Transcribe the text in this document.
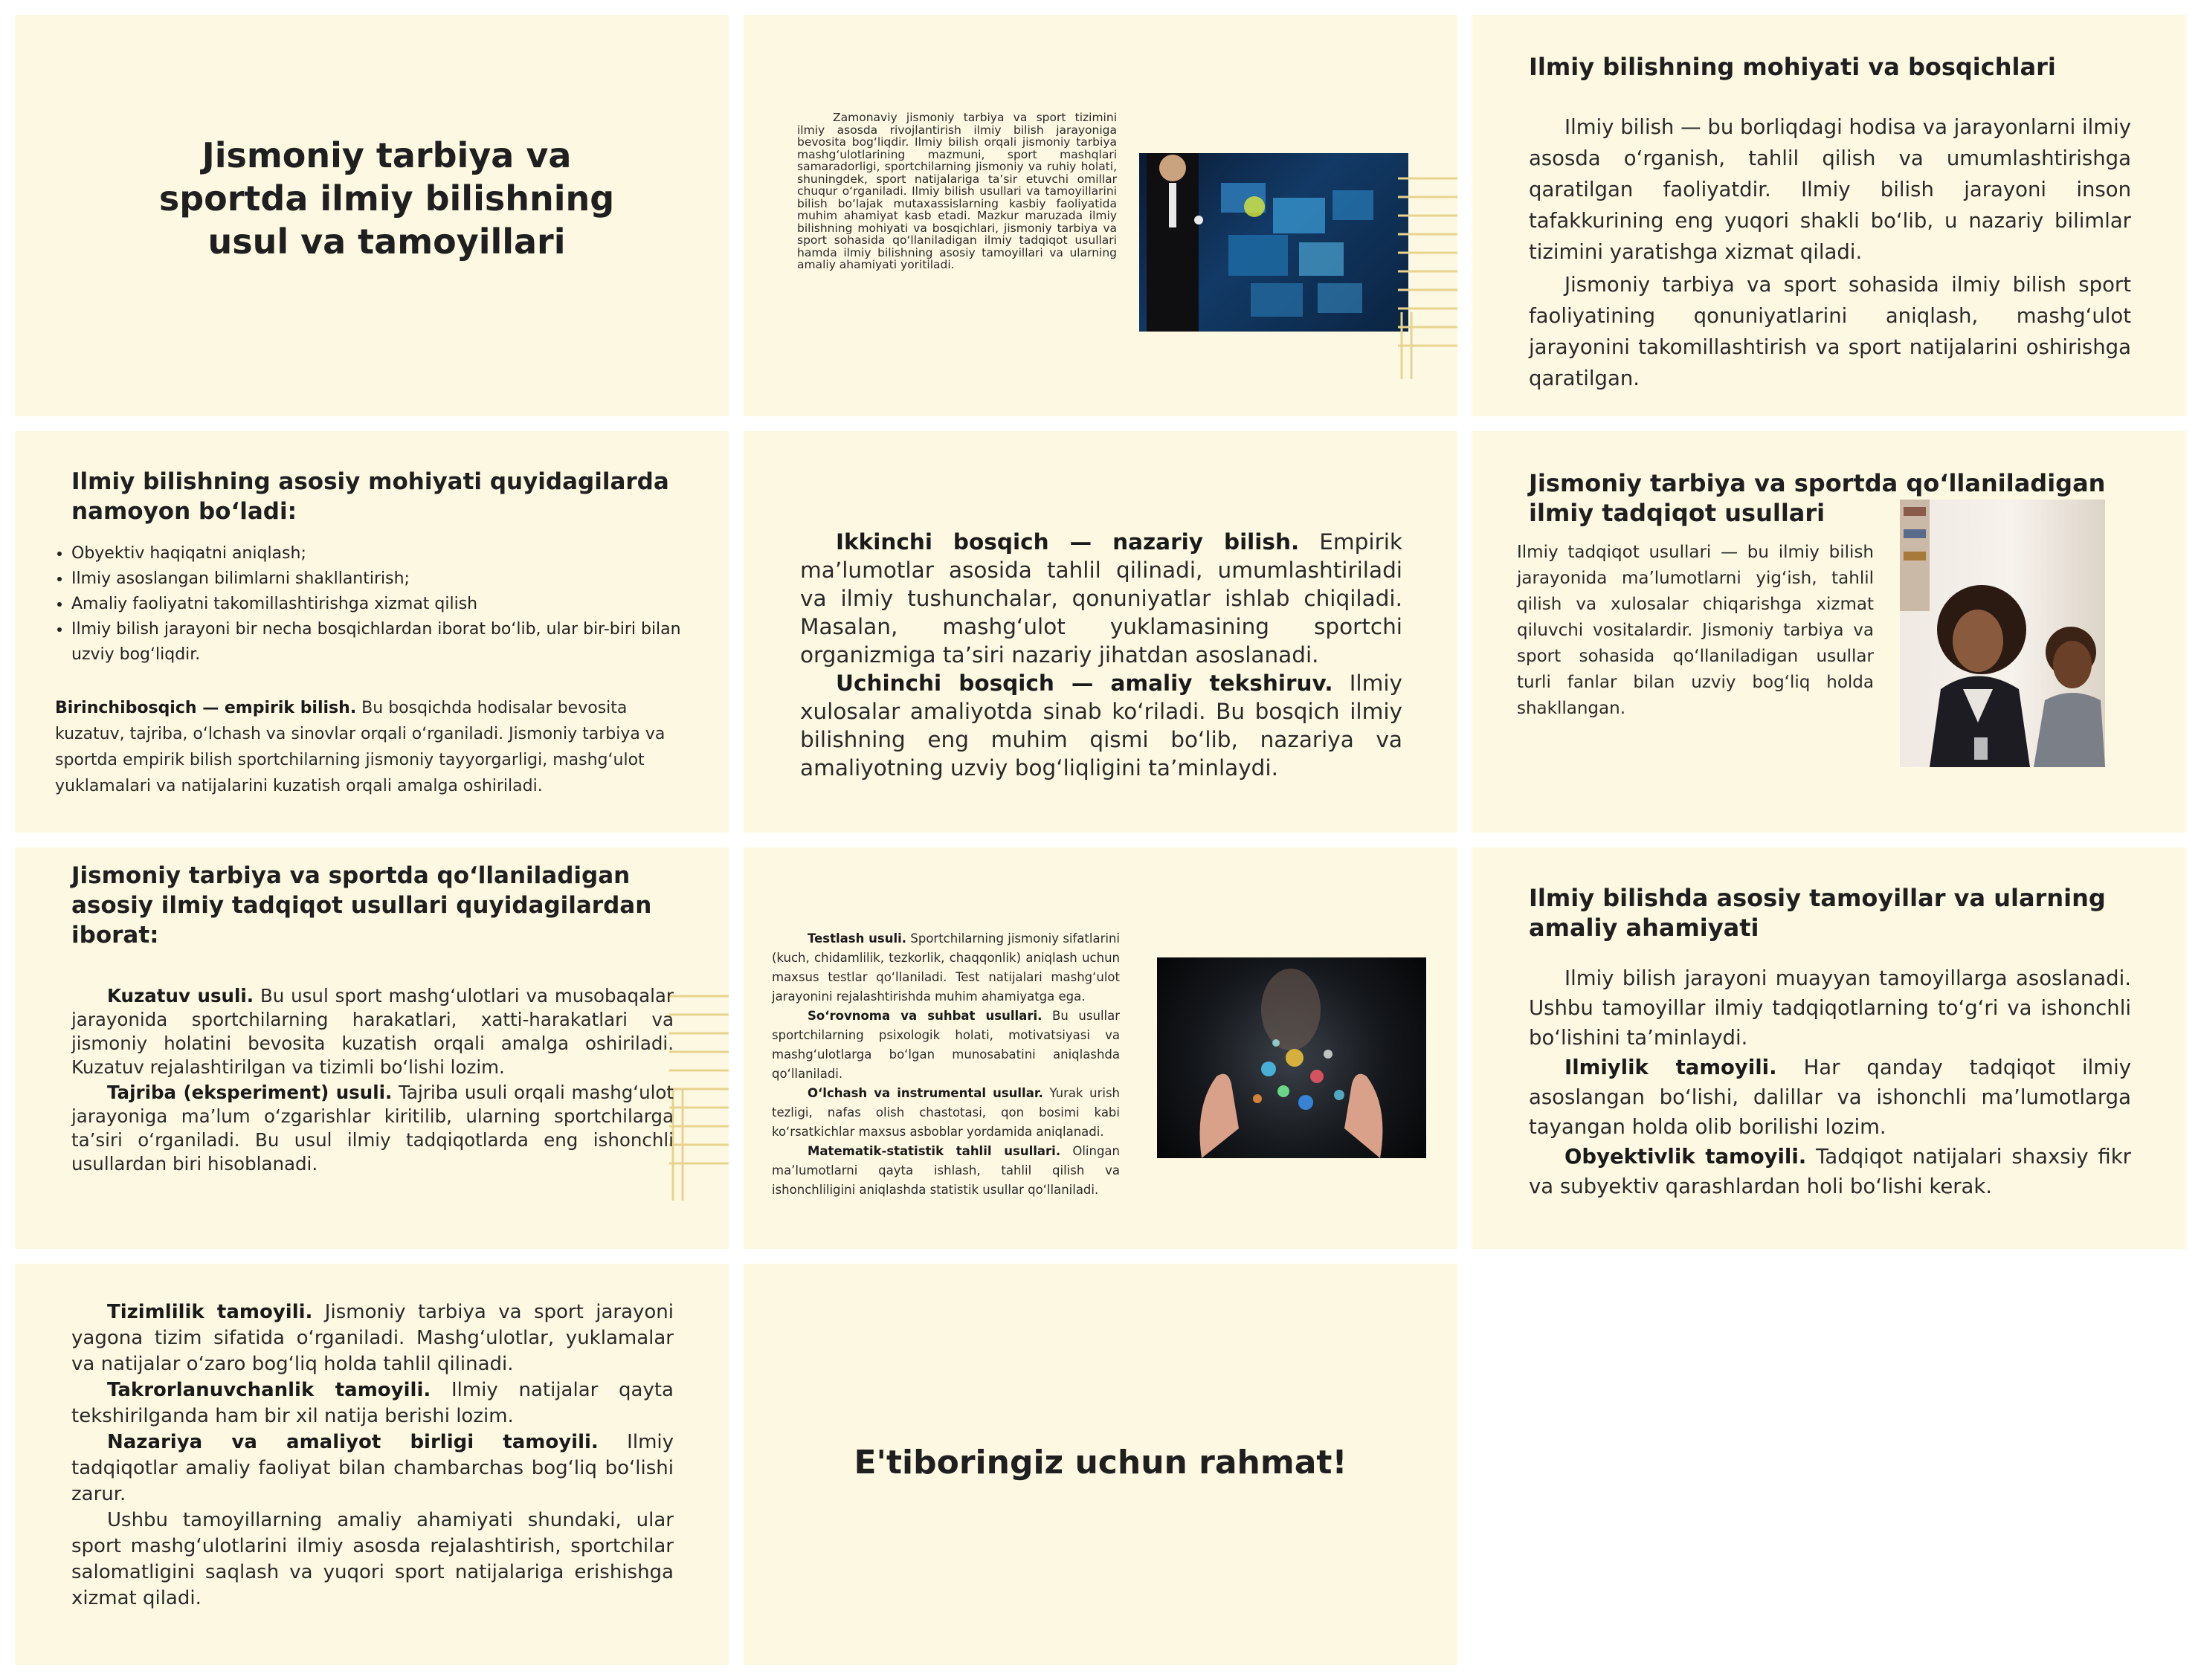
Jismoniy tarbiya va sportda ilmiy bilishning usul va tamoyillari

Zamonaviy jismoniy tarbiya va sport tizimini ilmiy asosda rivojlantirish ilmiy bilish jarayoniga bevosita bog‘liqdir. Ilmiy bilish orqali jismoniy tarbiya mashg‘ulotlarining mazmuni, sport mashqlari samaradorligi, sportchilarning jismoniy va ruhiy holati, shuningdek, sport natijalariga ta’sir etuvchi omillar chuqur o‘rganiladi. Ilmiy bilish usullari va tamoyillarini bilish bo‘lajak mutaxassislarning kasbiy faoliyatida muhim ahamiyat kasb etadi. Mazkur maruzada ilmiy bilishning mohiyati va bosqichlari, jismoniy tarbiya va sport sohasida qo‘llaniladigan ilmiy tadqiqot usullari hamda ilmiy bilishning asosiy tamoyillari va ularning amaliy ahamiyati yoritiladi.

Ilmiy bilishning mohiyati va bosqichlari

Ilmiy bilish — bu borliqdagi hodisa va jarayonlarni ilmiy asosda o‘rganish, tahlil qilish va umumlashtirishga qaratilgan faoliyatdir. Ilmiy bilish jarayoni inson tafakkurining eng yuqori shakli bo‘lib, u nazariy bilimlar tizimini yaratishga xizmat qiladi.

Jismoniy tarbiya va sport sohasida ilmiy bilish sport faoliyatining qonuniyatlarini aniqlash, mashg‘ulot jarayonini takomillashtirish va sport natijalarini oshirishga qaratilgan.

Ilmiy bilishning asosiy mohiyati quyidagilarda namoyon bo‘ladi:
• Obyektiv haqiqatni aniqlash;
• Ilmiy asoslangan bilimlarni shakllantirish;
• Amaliy faoliyatni takomillashtirishga xizmat qilish
• Ilmiy bilish jarayoni bir necha bosqichlardan iborat bo‘lib, ular bir-biri bilan uzviy bog‘liqdir.

Birinchibosqich — empirik bilish. Bu bosqichda hodisalar bevosita kuzatuv, tajriba, o‘lchash va sinovlar orqali o‘rganiladi. Jismoniy tarbiya va sportda empirik bilish sportchilarning jismoniy tayyorgarligi, mashg‘ulot yuklamalari va natijalarini kuzatish orqali amalga oshiriladi.

Ikkinchi bosqich — nazariy bilish. Empirik ma’lumotlar asosida tahlil qilinadi, umumlashtiriladi va ilmiy tushunchalar, qonuniyatlar ishlab chiqiladi. Masalan, mashg‘ulot yuklamasining sportchi organizmiga ta’siri nazariy jihatdan asoslanadi.

Uchinchi bosqich — amaliy tekshiruv. Ilmiy xulosalar amaliyotda sinab ko‘riladi. Bu bosqich ilmiy bilishning eng muhim qismi bo‘lib, nazariya va amaliyotning uzviy bog‘liqligini ta’minlaydi.

Jismoniy tarbiya va sportda qo‘llaniladigan ilmiy tadqiqot usullari

Ilmiy tadqiqot usullari — bu ilmiy bilish jarayonida ma’lumotlarni yig‘ish, tahlil qilish va xulosalar chiqarishga xizmat qiluvchi vositalardir. Jismoniy tarbiya va sport sohasida qo‘llaniladigan usullar turli fanlar bilan uzviy bog‘liq holda shakllangan.

Jismoniy tarbiya va sportda qo‘llaniladigan asosiy ilmiy tadqiqot usullari quyidagilardan iborat:

Kuzatuv usuli. Bu usul sport mashg‘ulotlari va musobaqalar jarayonida sportchilarning harakatlari, xatti-harakatlari va jismoniy holatini bevosita kuzatish orqali amalga oshiriladi. Kuzatuv rejalashtirilgan va tizimli bo‘lishi lozim.

Tajriba (eksperiment) usuli. Tajriba usuli orqali mashg‘ulot jarayoniga ma’lum o‘zgarishlar kiritilib, ularning sportchilarga ta’siri o‘rganiladi. Bu usul ilmiy tadqiqotlarda eng ishonchli usullardan biri hisoblanadi.

Testlash usuli. Sportchilarning jismoniy sifatlarini (kuch, chidamlilik, tezkorlik, chaqqonlik) aniqlash uchun maxsus testlar qo‘llaniladi. Test natijalari mashg‘ulot jarayonini rejalashtirishda muhim ahamiyatga ega.

So‘rovnoma va suhbat usullari. Bu usullar sportchilarning psixologik holati, motivatsiyasi va mashg‘ulotlarga bo‘lgan munosabatini aniqlashda qo‘llaniladi.

O‘lchash va instrumental usullar. Yurak urish tezligi, nafas olish chastotasi, qon bosimi kabi ko‘rsatkichlar maxsus asboblar yordamida aniqlanadi.

Matematik-statistik tahlil usullari. Olingan ma’lumotlarni qayta ishlash, tahlil qilish va ishonchliligini aniqlashda statistik usullar qo‘llaniladi.

Ilmiy bilishda asosiy tamoyillar va ularning amaliy ahamiyati

Ilmiy bilish jarayoni muayyan tamoyillarga asoslanadi. Ushbu tamoyillar ilmiy tadqiqotlarning to‘g‘ri va ishonchli bo‘lishini ta’minlaydi.

Ilmiylik tamoyili. Har qanday tadqiqot ilmiy asoslangan bo‘lishi, dalillar va ishonchli ma’lumotlarga tayangan holda olib borilishi lozim.

Obyektivlik tamoyili. Tadqiqot natijalari shaxsiy fikr va subyektiv qarashlardan holi bo‘lishi kerak.

Tizimlilik tamoyili. Jismoniy tarbiya va sport jarayoni yagona tizim sifatida o‘rganiladi. Mashg‘ulotlar, yuklamalar va natijalar o‘zaro bog‘liq holda tahlil qilinadi.

Takrorlanuvchanlik tamoyili. Ilmiy natijalar qayta tekshirilganda ham bir xil natija berishi lozim.

Nazariya va amaliyot birligi tamoyili. Ilmiy tadqiqotlar amaliy faoliyat bilan chambarchas bog‘liq bo‘lishi zarur.

Ushbu tamoyillarning amaliy ahamiyati shundaki, ular sport mashg‘ulotlarini ilmiy asosda rejalashtirish, sportchilar salomatligini saqlash va yuqori sport natijalariga erishishga xizmat qiladi.

E'tiboringiz uchun rahmat!
